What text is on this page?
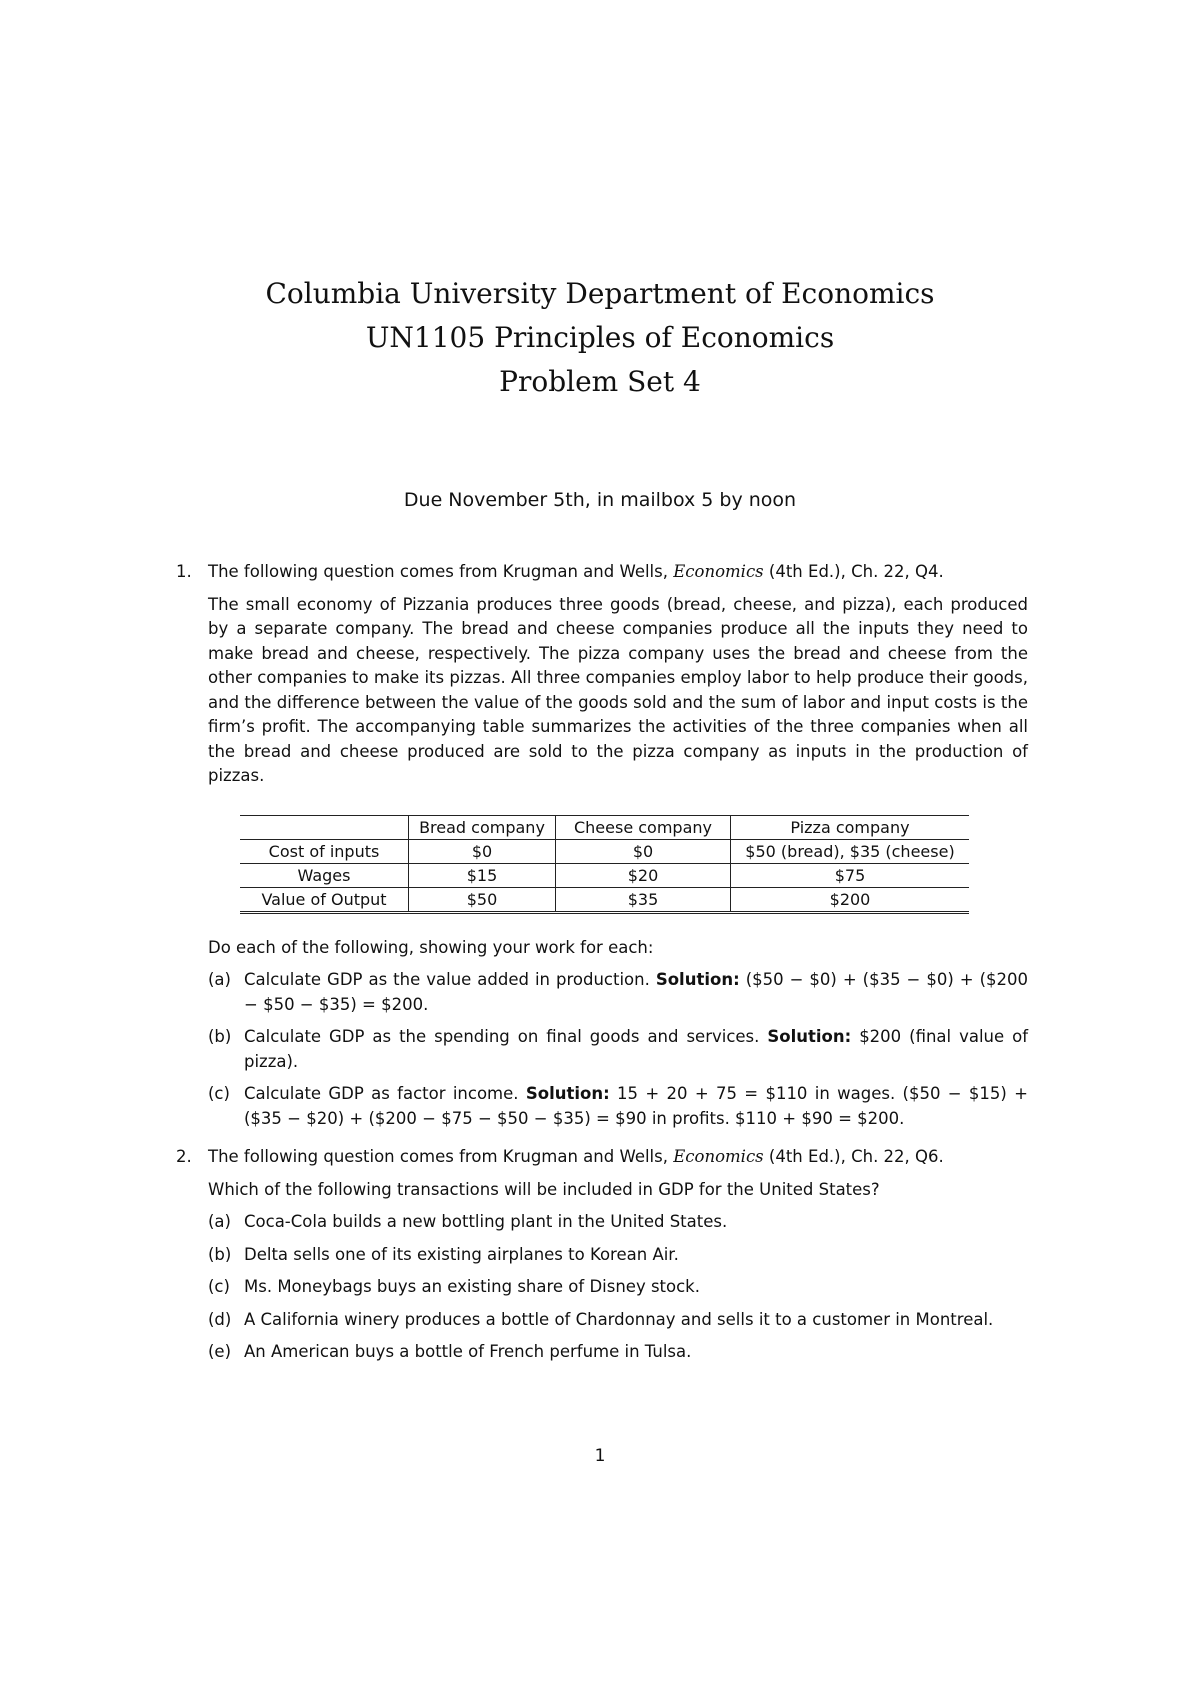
Columbia University Department of Economics
UN1105 Principles of Economics
Problem Set 4
Due November 5th, in mailbox 5 by noon
1. The following question comes from Krugman and Wells, Economics (4th Ed.), Ch. 22, Q4.

The small economy of Pizzania produces three goods (bread, cheese, and pizza), each produced by a separate company. The bread and cheese companies produce all the inputs they need to make bread and cheese, respectively. The pizza company uses the bread and cheese from the other companies to make its pizzas. All three companies employ labor to help produce their goods, and the difference between the value of the goods sold and the sum of labor and input costs is the firm’s profit. The accompanying table summarizes the activities of the three companies when all the bread and cheese produced are sold to the pizza company as inputs in the production of pizzas.

	Bread company	Cheese company	Pizza company
Cost of inputs	$0	$0	$50 (bread), $35 (cheese)
Wages	$15	$20	$75
Value of Output	$50	$35	$200

Do each of the following, showing your work for each:

(a) Calculate GDP as the value added in production. Solution: ($50 − $0) + ($35 − $0) + ($200 − $50 − $35) = $200.
(b) Calculate GDP as the spending on final goods and services. Solution: $200 (final value of pizza).
(c) Calculate GDP as factor income. Solution: 15 + 20 + 75 = $110 in wages. ($50 − $15) + ($35 − $20) + ($200 − $75 − $50 − $35) = $90 in profits. $110 + $90 = $200.
2. The following question comes from Krugman and Wells, Economics (4th Ed.), Ch. 22, Q6.

Which of the following transactions will be included in GDP for the United States?

(a) Coca-Cola builds a new bottling plant in the United States.
(b) Delta sells one of its existing airplanes to Korean Air.
(c) Ms. Moneybags buys an existing share of Disney stock.
(d) A California winery produces a bottle of Chardonnay and sells it to a customer in Montreal.
(e) An American buys a bottle of French perfume in Tulsa.
1
